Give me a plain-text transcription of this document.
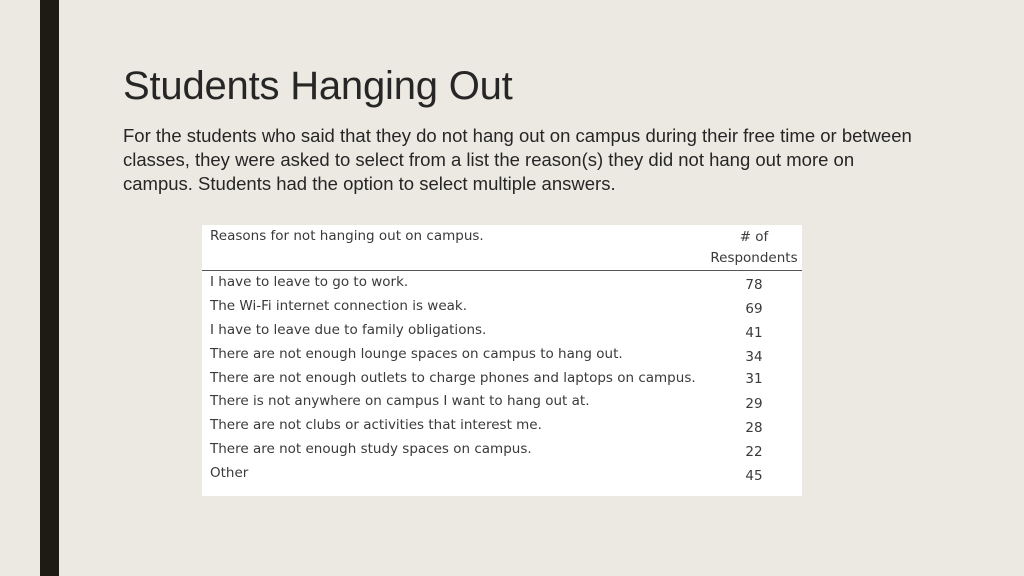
Students Hanging Out
For the students who said that they do not hang out on campus during their free time or between classes, they were asked to select from a list the reason(s) they did not hang out more on campus. Students had the option to select multiple answers.
Reasons for not hanging out on campus.	# of
Respondents

I have to leave to go to work.	78
The Wi-Fi internet connection is weak.	69
I have to leave due to family obligations.	41
There are not enough lounge spaces on campus to hang out.	34
There are not enough outlets to charge phones and laptops on campus.	31
There is not anywhere on campus I want to hang out at.	29
There are not clubs or activities that interest me.	28
There are not enough study spaces on campus.	22
Other	45
